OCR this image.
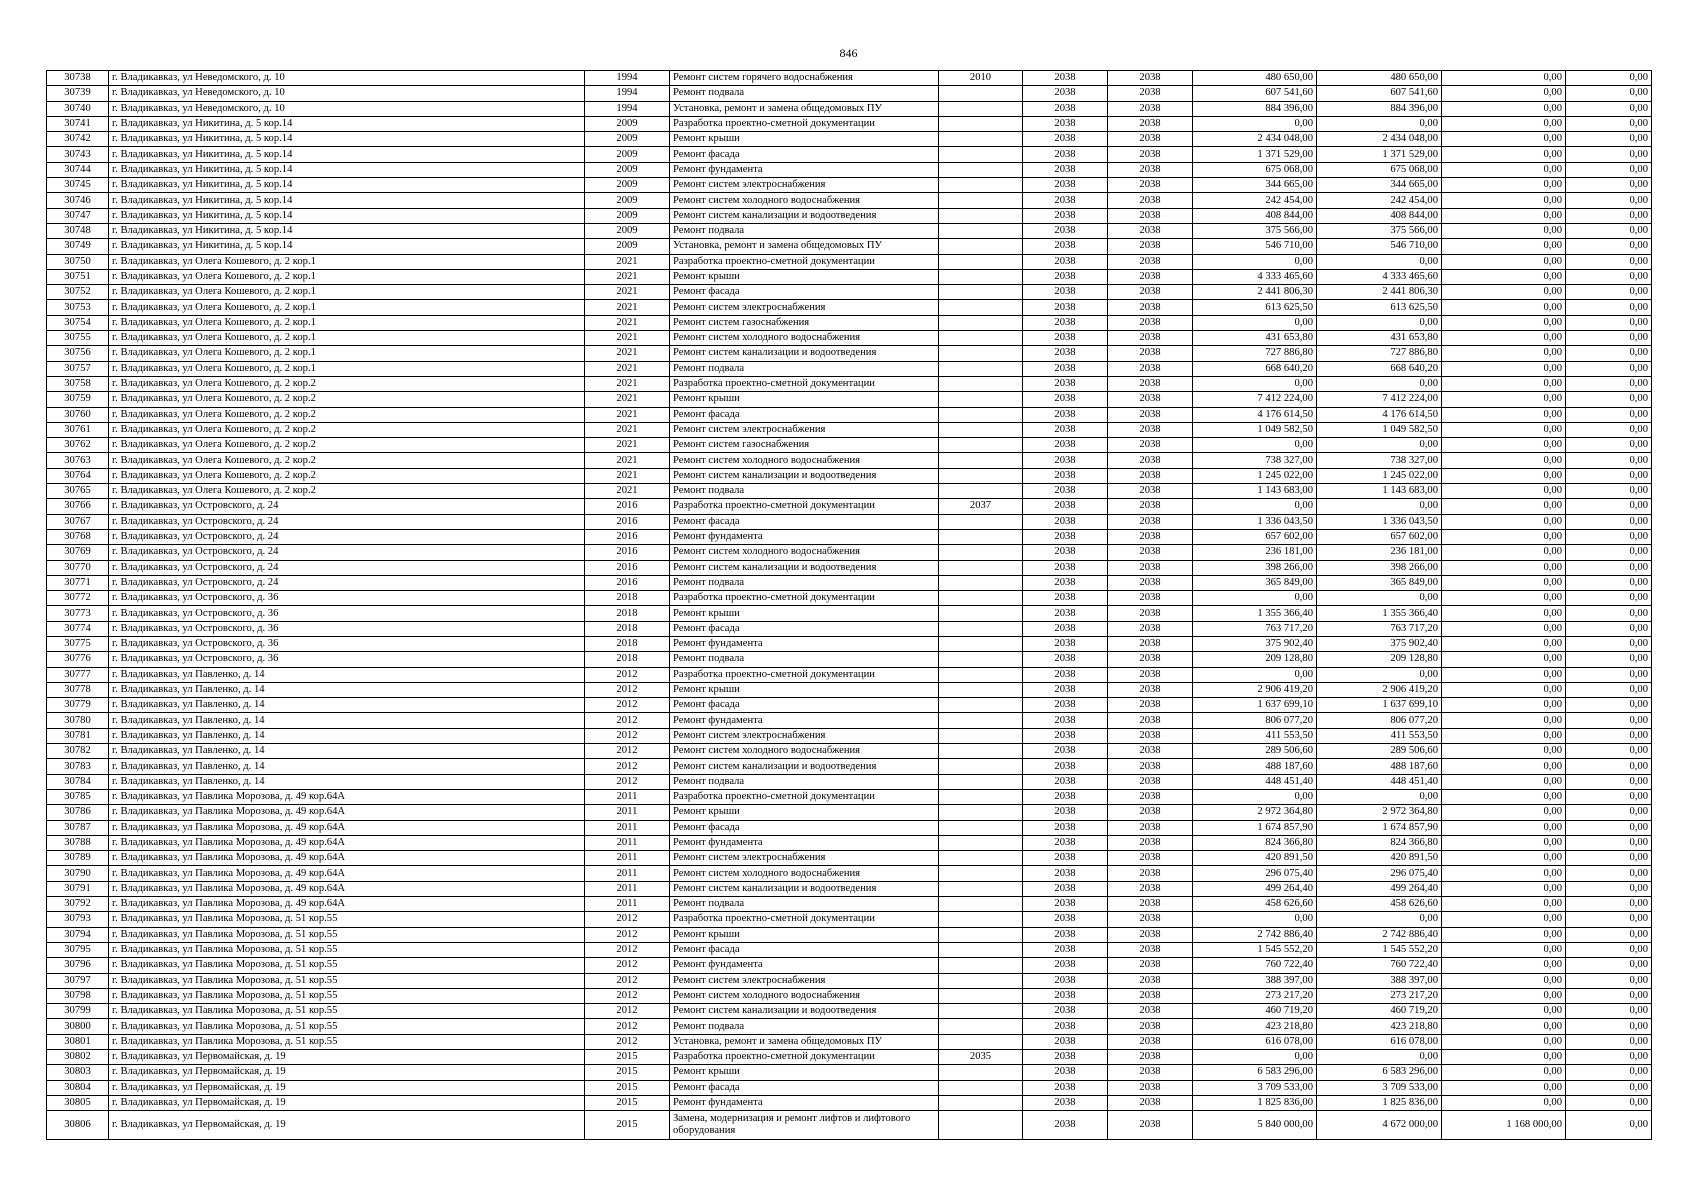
846
30738	г. Владикавказ, ул Неведомского, д. 10	1994	Ремонт систем горячего водоснабжения	2010	2038	2038	480 650,00	480 650,00	0,00	0,00
30739	г. Владикавказ, ул Неведомского, д. 10	1994	Ремонт подвала		2038	2038	607 541,60	607 541,60	0,00	0,00
30740	г. Владикавказ, ул Неведомского, д. 10	1994	Установка, ремонт и замена общедомовых ПУ		2038	2038	884 396,00	884 396,00	0,00	0,00
30741	г. Владикавказ, ул Никитина, д. 5 кор.14	2009	Разработка проектно-сметной документации		2038	2038	0,00	0,00	0,00	0,00
30742	г. Владикавказ, ул Никитина, д. 5 кор.14	2009	Ремонт крыши		2038	2038	2 434 048,00	2 434 048,00	0,00	0,00
30743	г. Владикавказ, ул Никитина, д. 5 кор.14	2009	Ремонт фасада		2038	2038	1 371 529,00	1 371 529,00	0,00	0,00
30744	г. Владикавказ, ул Никитина, д. 5 кор.14	2009	Ремонт фундамента		2038	2038	675 068,00	675 068,00	0,00	0,00
30745	г. Владикавказ, ул Никитина, д. 5 кор.14	2009	Ремонт систем электроснабжения		2038	2038	344 665,00	344 665,00	0,00	0,00
30746	г. Владикавказ, ул Никитина, д. 5 кор.14	2009	Ремонт систем холодного водоснабжения		2038	2038	242 454,00	242 454,00	0,00	0,00
30747	г. Владикавказ, ул Никитина, д. 5 кор.14	2009	Ремонт систем канализации и водоотведения		2038	2038	408 844,00	408 844,00	0,00	0,00
30748	г. Владикавказ, ул Никитина, д. 5 кор.14	2009	Ремонт подвала		2038	2038	375 566,00	375 566,00	0,00	0,00
30749	г. Владикавказ, ул Никитина, д. 5 кор.14	2009	Установка, ремонт и замена общедомовых ПУ		2038	2038	546 710,00	546 710,00	0,00	0,00
30750	г. Владикавказ, ул Олега Кошевого, д. 2 кор.1	2021	Разработка проектно-сметной документации		2038	2038	0,00	0,00	0,00	0,00
30751	г. Владикавказ, ул Олега Кошевого, д. 2 кор.1	2021	Ремонт крыши		2038	2038	4 333 465,60	4 333 465,60	0,00	0,00
30752	г. Владикавказ, ул Олега Кошевого, д. 2 кор.1	2021	Ремонт фасада		2038	2038	2 441 806,30	2 441 806,30	0,00	0,00
30753	г. Владикавказ, ул Олега Кошевого, д. 2 кор.1	2021	Ремонт систем электроснабжения		2038	2038	613 625,50	613 625,50	0,00	0,00
30754	г. Владикавказ, ул Олега Кошевого, д. 2 кор.1	2021	Ремонт систем газоснабжения		2038	2038	0,00	0,00	0,00	0,00
30755	г. Владикавказ, ул Олега Кошевого, д. 2 кор.1	2021	Ремонт систем холодного водоснабжения		2038	2038	431 653,80	431 653,80	0,00	0,00
30756	г. Владикавказ, ул Олега Кошевого, д. 2 кор.1	2021	Ремонт систем канализации и водоотведения		2038	2038	727 886,80	727 886,80	0,00	0,00
30757	г. Владикавказ, ул Олега Кошевого, д. 2 кор.1	2021	Ремонт подвала		2038	2038	668 640,20	668 640,20	0,00	0,00
30758	г. Владикавказ, ул Олега Кошевого, д. 2 кор.2	2021	Разработка проектно-сметной документации		2038	2038	0,00	0,00	0,00	0,00
30759	г. Владикавказ, ул Олега Кошевого, д. 2 кор.2	2021	Ремонт крыши		2038	2038	7 412 224,00	7 412 224,00	0,00	0,00
30760	г. Владикавказ, ул Олега Кошевого, д. 2 кор.2	2021	Ремонт фасада		2038	2038	4 176 614,50	4 176 614,50	0,00	0,00
30761	г. Владикавказ, ул Олега Кошевого, д. 2 кор.2	2021	Ремонт систем электроснабжения		2038	2038	1 049 582,50	1 049 582,50	0,00	0,00
30762	г. Владикавказ, ул Олега Кошевого, д. 2 кор.2	2021	Ремонт систем газоснабжения		2038	2038	0,00	0,00	0,00	0,00
30763	г. Владикавказ, ул Олега Кошевого, д. 2 кор.2	2021	Ремонт систем холодного водоснабжения		2038	2038	738 327,00	738 327,00	0,00	0,00
30764	г. Владикавказ, ул Олега Кошевого, д. 2 кор.2	2021	Ремонт систем канализации и водоотведения		2038	2038	1 245 022,00	1 245 022,00	0,00	0,00
30765	г. Владикавказ, ул Олега Кошевого, д. 2 кор.2	2021	Ремонт подвала		2038	2038	1 143 683,00	1 143 683,00	0,00	0,00
30766	г. Владикавказ, ул Островского, д. 24	2016	Разработка проектно-сметной документации	2037	2038	2038	0,00	0,00	0,00	0,00
30767	г. Владикавказ, ул Островского, д. 24	2016	Ремонт фасада		2038	2038	1 336 043,50	1 336 043,50	0,00	0,00
30768	г. Владикавказ, ул Островского, д. 24	2016	Ремонт фундамента		2038	2038	657 602,00	657 602,00	0,00	0,00
30769	г. Владикавказ, ул Островского, д. 24	2016	Ремонт систем холодного водоснабжения		2038	2038	236 181,00	236 181,00	0,00	0,00
30770	г. Владикавказ, ул Островского, д. 24	2016	Ремонт систем канализации и водоотведения		2038	2038	398 266,00	398 266,00	0,00	0,00
30771	г. Владикавказ, ул Островского, д. 24	2016	Ремонт подвала		2038	2038	365 849,00	365 849,00	0,00	0,00
30772	г. Владикавказ, ул Островского, д. 36	2018	Разработка проектно-сметной документации		2038	2038	0,00	0,00	0,00	0,00
30773	г. Владикавказ, ул Островского, д. 36	2018	Ремонт крыши		2038	2038	1 355 366,40	1 355 366,40	0,00	0,00
30774	г. Владикавказ, ул Островского, д. 36	2018	Ремонт фасада		2038	2038	763 717,20	763 717,20	0,00	0,00
30775	г. Владикавказ, ул Островского, д. 36	2018	Ремонт фундамента		2038	2038	375 902,40	375 902,40	0,00	0,00
30776	г. Владикавказ, ул Островского, д. 36	2018	Ремонт подвала		2038	2038	209 128,80	209 128,80	0,00	0,00
30777	г. Владикавказ, ул Павленко, д. 14	2012	Разработка проектно-сметной документации		2038	2038	0,00	0,00	0,00	0,00
30778	г. Владикавказ, ул Павленко, д. 14	2012	Ремонт крыши		2038	2038	2 906 419,20	2 906 419,20	0,00	0,00
30779	г. Владикавказ, ул Павленко, д. 14	2012	Ремонт фасада		2038	2038	1 637 699,10	1 637 699,10	0,00	0,00
30780	г. Владикавказ, ул Павленко, д. 14	2012	Ремонт фундамента		2038	2038	806 077,20	806 077,20	0,00	0,00
30781	г. Владикавказ, ул Павленко, д. 14	2012	Ремонт систем электроснабжения		2038	2038	411 553,50	411 553,50	0,00	0,00
30782	г. Владикавказ, ул Павленко, д. 14	2012	Ремонт систем холодного водоснабжения		2038	2038	289 506,60	289 506,60	0,00	0,00
30783	г. Владикавказ, ул Павленко, д. 14	2012	Ремонт систем канализации и водоотведения		2038	2038	488 187,60	488 187,60	0,00	0,00
30784	г. Владикавказ, ул Павленко, д. 14	2012	Ремонт подвала		2038	2038	448 451,40	448 451,40	0,00	0,00
30785	г. Владикавказ, ул Павлика Морозова, д. 49 кор.64А	2011	Разработка проектно-сметной документации		2038	2038	0,00	0,00	0,00	0,00
30786	г. Владикавказ, ул Павлика Морозова, д. 49 кор.64А	2011	Ремонт крыши		2038	2038	2 972 364,80	2 972 364,80	0,00	0,00
30787	г. Владикавказ, ул Павлика Морозова, д. 49 кор.64А	2011	Ремонт фасада		2038	2038	1 674 857,90	1 674 857,90	0,00	0,00
30788	г. Владикавказ, ул Павлика Морозова, д. 49 кор.64А	2011	Ремонт фундамента		2038	2038	824 366,80	824 366,80	0,00	0,00
30789	г. Владикавказ, ул Павлика Морозова, д. 49 кор.64А	2011	Ремонт систем электроснабжения		2038	2038	420 891,50	420 891,50	0,00	0,00
30790	г. Владикавказ, ул Павлика Морозова, д. 49 кор.64А	2011	Ремонт систем холодного водоснабжения		2038	2038	296 075,40	296 075,40	0,00	0,00
30791	г. Владикавказ, ул Павлика Морозова, д. 49 кор.64А	2011	Ремонт систем канализации и водоотведения		2038	2038	499 264,40	499 264,40	0,00	0,00
30792	г. Владикавказ, ул Павлика Морозова, д. 49 кор.64А	2011	Ремонт подвала		2038	2038	458 626,60	458 626,60	0,00	0,00
30793	г. Владикавказ, ул Павлика Морозова, д. 51 кор.55	2012	Разработка проектно-сметной документации		2038	2038	0,00	0,00	0,00	0,00
30794	г. Владикавказ, ул Павлика Морозова, д. 51 кор.55	2012	Ремонт крыши		2038	2038	2 742 886,40	2 742 886,40	0,00	0,00
30795	г. Владикавказ, ул Павлика Морозова, д. 51 кор.55	2012	Ремонт фасада		2038	2038	1 545 552,20	1 545 552,20	0,00	0,00
30796	г. Владикавказ, ул Павлика Морозова, д. 51 кор.55	2012	Ремонт фундамента		2038	2038	760 722,40	760 722,40	0,00	0,00
30797	г. Владикавказ, ул Павлика Морозова, д. 51 кор.55	2012	Ремонт систем электроснабжения		2038	2038	388 397,00	388 397,00	0,00	0,00
30798	г. Владикавказ, ул Павлика Морозова, д. 51 кор.55	2012	Ремонт систем холодного водоснабжения		2038	2038	273 217,20	273 217,20	0,00	0,00
30799	г. Владикавказ, ул Павлика Морозова, д. 51 кор.55	2012	Ремонт систем канализации и водоотведения		2038	2038	460 719,20	460 719,20	0,00	0,00
30800	г. Владикавказ, ул Павлика Морозова, д. 51 кор.55	2012	Ремонт подвала		2038	2038	423 218,80	423 218,80	0,00	0,00
30801	г. Владикавказ, ул Павлика Морозова, д. 51 кор.55	2012	Установка, ремонт и замена общедомовых ПУ		2038	2038	616 078,00	616 078,00	0,00	0,00
30802	г. Владикавказ, ул Первомайская, д. 19	2015	Разработка проектно-сметной документации	2035	2038	2038	0,00	0,00	0,00	0,00
30803	г. Владикавказ, ул Первомайская, д. 19	2015	Ремонт крыши		2038	2038	6 583 296,00	6 583 296,00	0,00	0,00
30804	г. Владикавказ, ул Первомайская, д. 19	2015	Ремонт фасада		2038	2038	3 709 533,00	3 709 533,00	0,00	0,00
30805	г. Владикавказ, ул Первомайская, д. 19	2015	Ремонт фундамента		2038	2038	1 825 836,00	1 825 836,00	0,00	0,00
30806	г. Владикавказ, ул Первомайская, д. 19	2015	Замена, модернизация и ремонт лифтов и лифтового оборудования		2038	2038	5 840 000,00	4 672 000,00	1 168 000,00	0,00
